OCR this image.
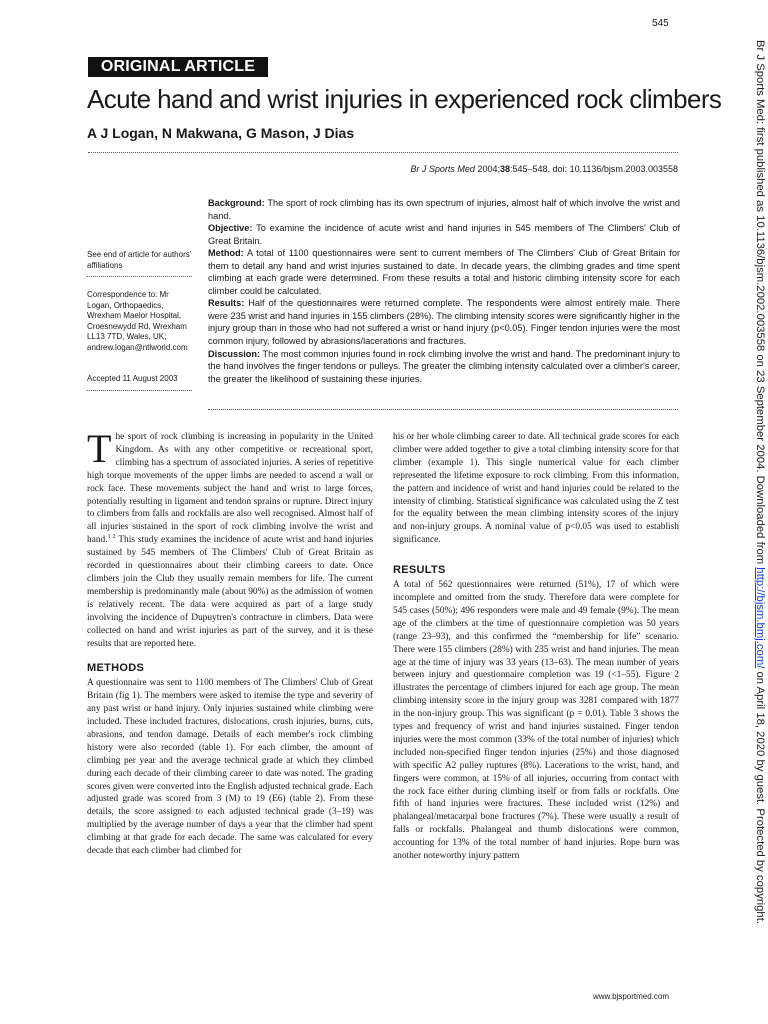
545
ORIGINAL ARTICLE
Acute hand and wrist injuries in experienced rock climbers
A J Logan, N Makwana, G Mason, J Dias
Br J Sports Med 2004;38:545–548. doi: 10.1136/bjsm.2003.003558
See end of article for authors' affiliations
Correspondence to: Mr Logan, Orthopaedics, Wrexham Maelor Hospital, Croesnewydd Rd, Wrexham LL13 7TD, Wales, UK; andrew.logan@ntlworld.com
Accepted 11 August 2003

Background: The sport of rock climbing has its own spectrum of injuries, almost half of which involve the wrist and hand.

Objective: To examine the incidence of acute wrist and hand injuries in 545 members of The Climbers' Club of Great Britain.

Method: A total of 1100 questionnaires were sent to current members of The Climbers' Club of Great Britain for them to detail any hand and wrist injuries sustained to date. In decade years, the climbing grades and time spent climbing at each grade were determined. From these results a total and historic climbing intensity score for each climber could be calculated.

Results: Half of the questionnaires were returned complete. The respondents were almost entirely male. There were 235 wrist and hand injuries in 155 climbers (28%). The climbing intensity scores were significantly higher in the injury group than in those who had not suffered a wrist or hand injury (p<0.05). Finger tendon injuries were the most common injury, followed by abrasions/lacerations and fractures.

Discussion: The most common injuries found in rock climbing involve the wrist and hand. The predominant injury to the hand involves the finger tendons or pulleys. The greater the climbing intensity calculated over a climber's career, the greater the likelihood of sustaining these injuries.

The sport of rock climbing is increasing in popularity in the United Kingdom. As with any other competitive or recreational sport, climbing has a spectrum of associated injuries. A series of repetitive high torque movements of the upper limbs are needed to ascend a wall or rock face. These movements subject the hand and wrist to large forces, potentially resulting in ligament and tendon sprains or rupture. Direct injury to climbers from falls and rockfalls are also well recognised. Almost half of all injuries sustained in the sport of rock climbing involve the wrist and hand.$^{1 2}$ This study examines the incidence of acute wrist and hand injuries sustained by 545 members of The Climbers' Club of Great Britain as recorded in questionnaires about their climbing careers to date. Once climbers join the Club they usually remain members for life. The current membership is predominantly male (about 90%) as the admission of women is relatively recent. The data were acquired as part of a large study involving the incidence of Dupuytren's contracture in climbers. Data were collected on hand and wrist injuries as part of the survey, and it is these results that are reported here.

METHODS

A questionnaire was sent to 1100 members of The Climbers' Club of Great Britain (fig 1). The members were asked to itemise the type and severity of any past wrist or hand injury. Only injuries sustained while climbing were included. These included fractures, dislocations, crush injuries, burns, cuts, abrasions, and tendon damage. Details of each member's rock climbing history were also recorded (table 1). For each climber, the amount of climbing per year and the average technical grade at which they climbed during each decade of their climbing career to date was noted. The grading scores given were converted into the English adjusted technical grade. Each adjusted grade was scored from 3 (M) to 19 (E6) (table 2). From these details, the score assigned to each adjusted technical grade (3–19) was multiplied by the average number of days a year that the climber had spent climbing at that grade for each decade. The same was calculated for every decade that each climber had climbed for

his or her whole climbing career to date. All technical grade scores for each climber were added together to give a total climbing intensity score for that climber (example 1). This single numerical value for each climber represented the lifetime exposure to rock climbing. From this information, the pattern and incidence of wrist and hand injuries could be related to the intensity of climbing. Statistical significance was calculated using the Z test for the equality between the mean climbing intensity scores of the injury and non-injury groups. A nominal value of p<0.05 was used to establish significance.

RESULTS

A total of 562 questionnaires were returned (51%), 17 of which were incomplete and omitted from the study. Therefore data were complete for 545 cases (50%); 496 responders were male and 49 female (9%). The mean age of the climbers at the time of questionnaire completion was 50 years (range 23–93), and this confirmed the “membership for life” scenario. There were 155 climbers (28%) with 235 wrist and hand injuries. The mean age at the time of injury was 33 years (13–63). The mean number of years between injury and questionnaire completion was 19 (<1–55). Figure 2 illustrates the percentage of climbers injured for each age group. The mean climbing intensity score in the injury group was 3281 compared with 1877 in the non-injury group. This was significant (p = 0.01). Table 3 shows the types and frequency of wrist and hand injuries sustained. Finger tendon injuries were the most common (33% of the total number of injuries) which included non-specified finger tendon injuries (25%) and those diagnosed with specific A2 pulley ruptures (8%). Lacerations to the wrist, hand, and fingers were common, at 15% of all injuries, occurring from contact with the rock face either during climbing itself or from falls or rockfalls. One fifth of hand injuries were fractures. These included wrist (12%) and phalangeal/metacarpal bone fractures (7%). These were usually a result of falls or rockfalls. Phalangeal and thumb dislocations were common, accounting for 13% of the total number of hand injuries. Rope burn was another noteworthy injury pattern

www.bjsportmed.com
Br J Sports Med: first published as 10.1136/bjsm.2002.003558 on 23 September 2004. Downloaded from http://bjsm.bmj.com/ on April 18, 2020 by guest. Protected by copyright.
